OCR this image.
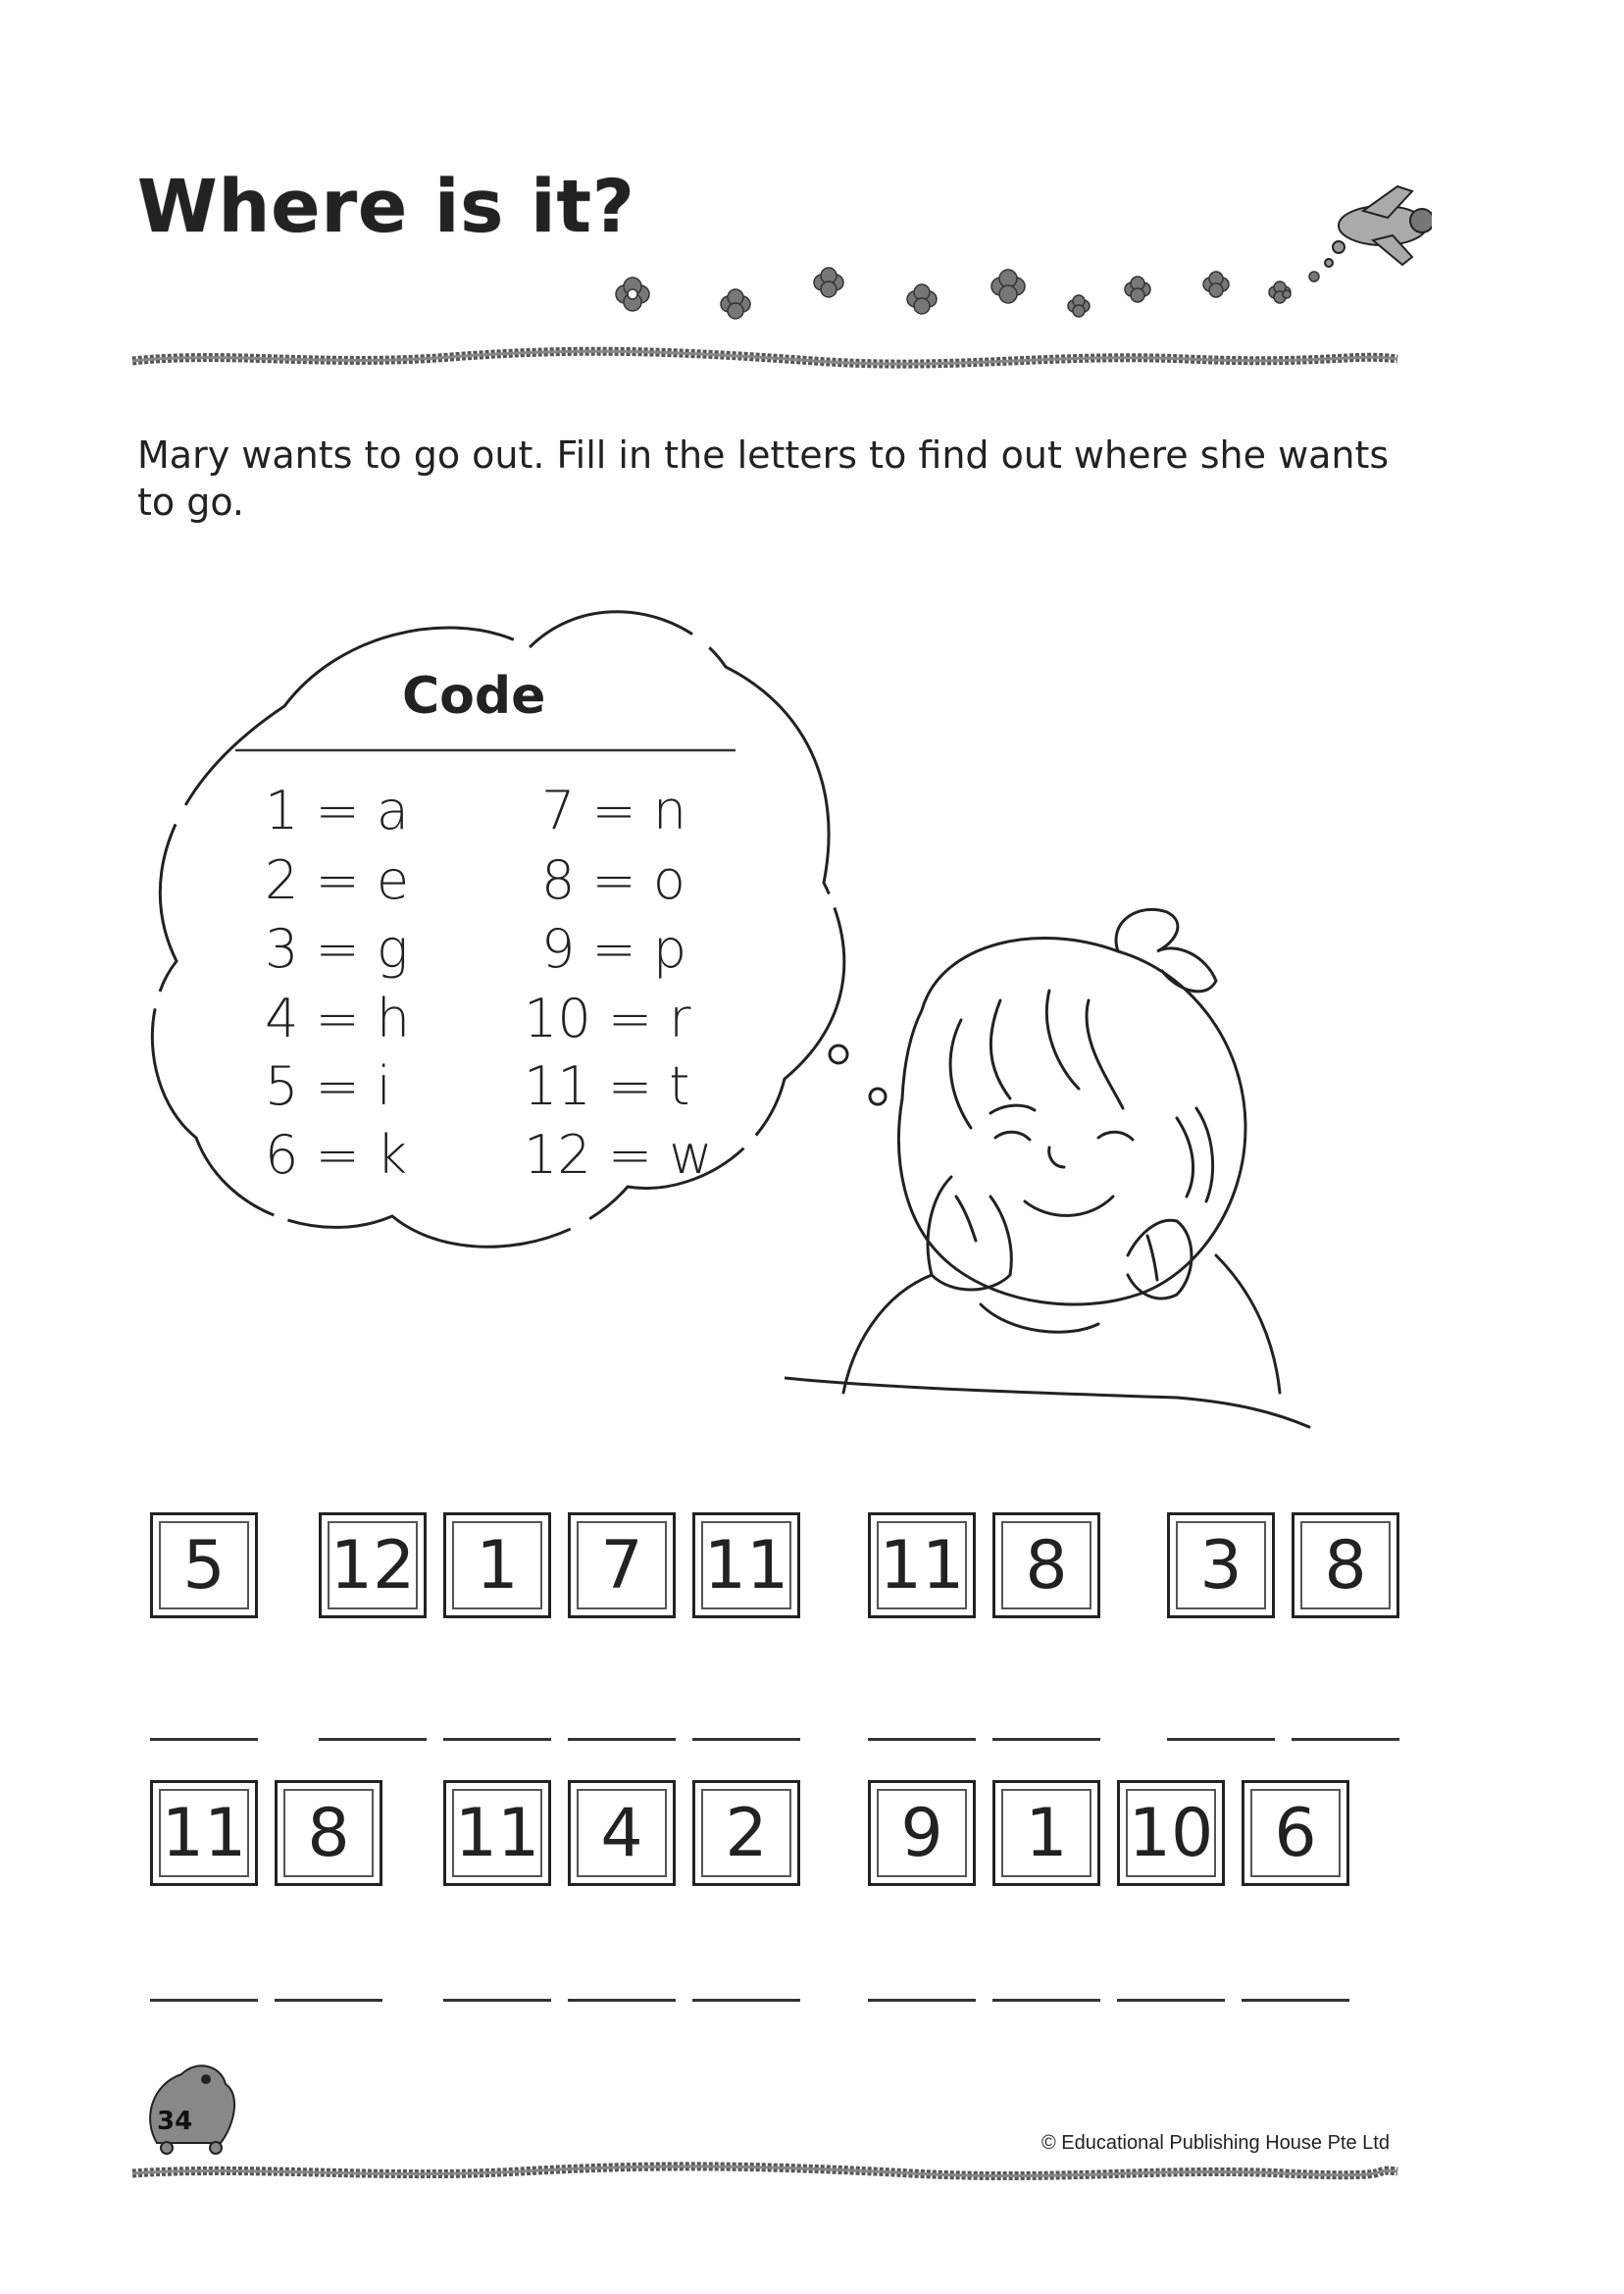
Where is it?
Mary wants to go out. Fill in the letters to find out where she wants to go.
Code
1 = a
2 = e
3 = g
4 = h
5 = i
6 = k
7 = n
8 = o
9 = p
10 = r
11 = t
12 = w
5	12 1	7 11 11 8	3	8
11 8	11 4	2	9	1 10 6
34
© Educational Publishing House Pte Ltd
